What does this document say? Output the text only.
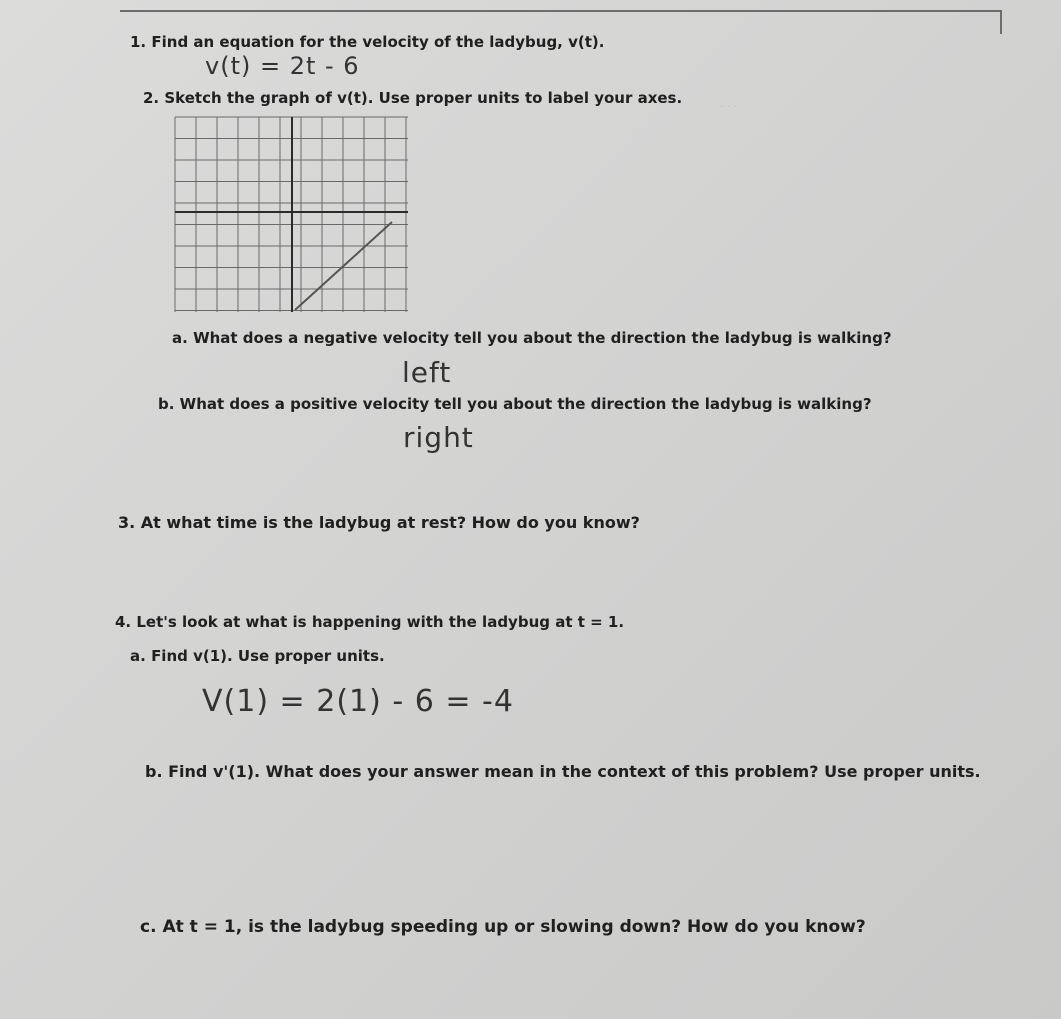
· · ·
1. Find an equation for the velocity of the ladybug, v(t).
v(t) = 2t - 6
2. Sketch the graph of v(t). Use proper units to label your axes.
a. What does a negative velocity tell you about the direction the ladybug is walking?
left
b. What does a positive velocity tell you about the direction the ladybug is walking?
right
3. At what time is the ladybug at rest? How do you know?
4. Let's look at what is happening with the ladybug at t = 1.
a. Find v(1). Use proper units.
V(1) = 2(1) - 6 = -4
b. Find v'(1). What does your answer mean in the context of this problem? Use proper units.
c. At t = 1, is the ladybug speeding up or slowing down? How do you know?
